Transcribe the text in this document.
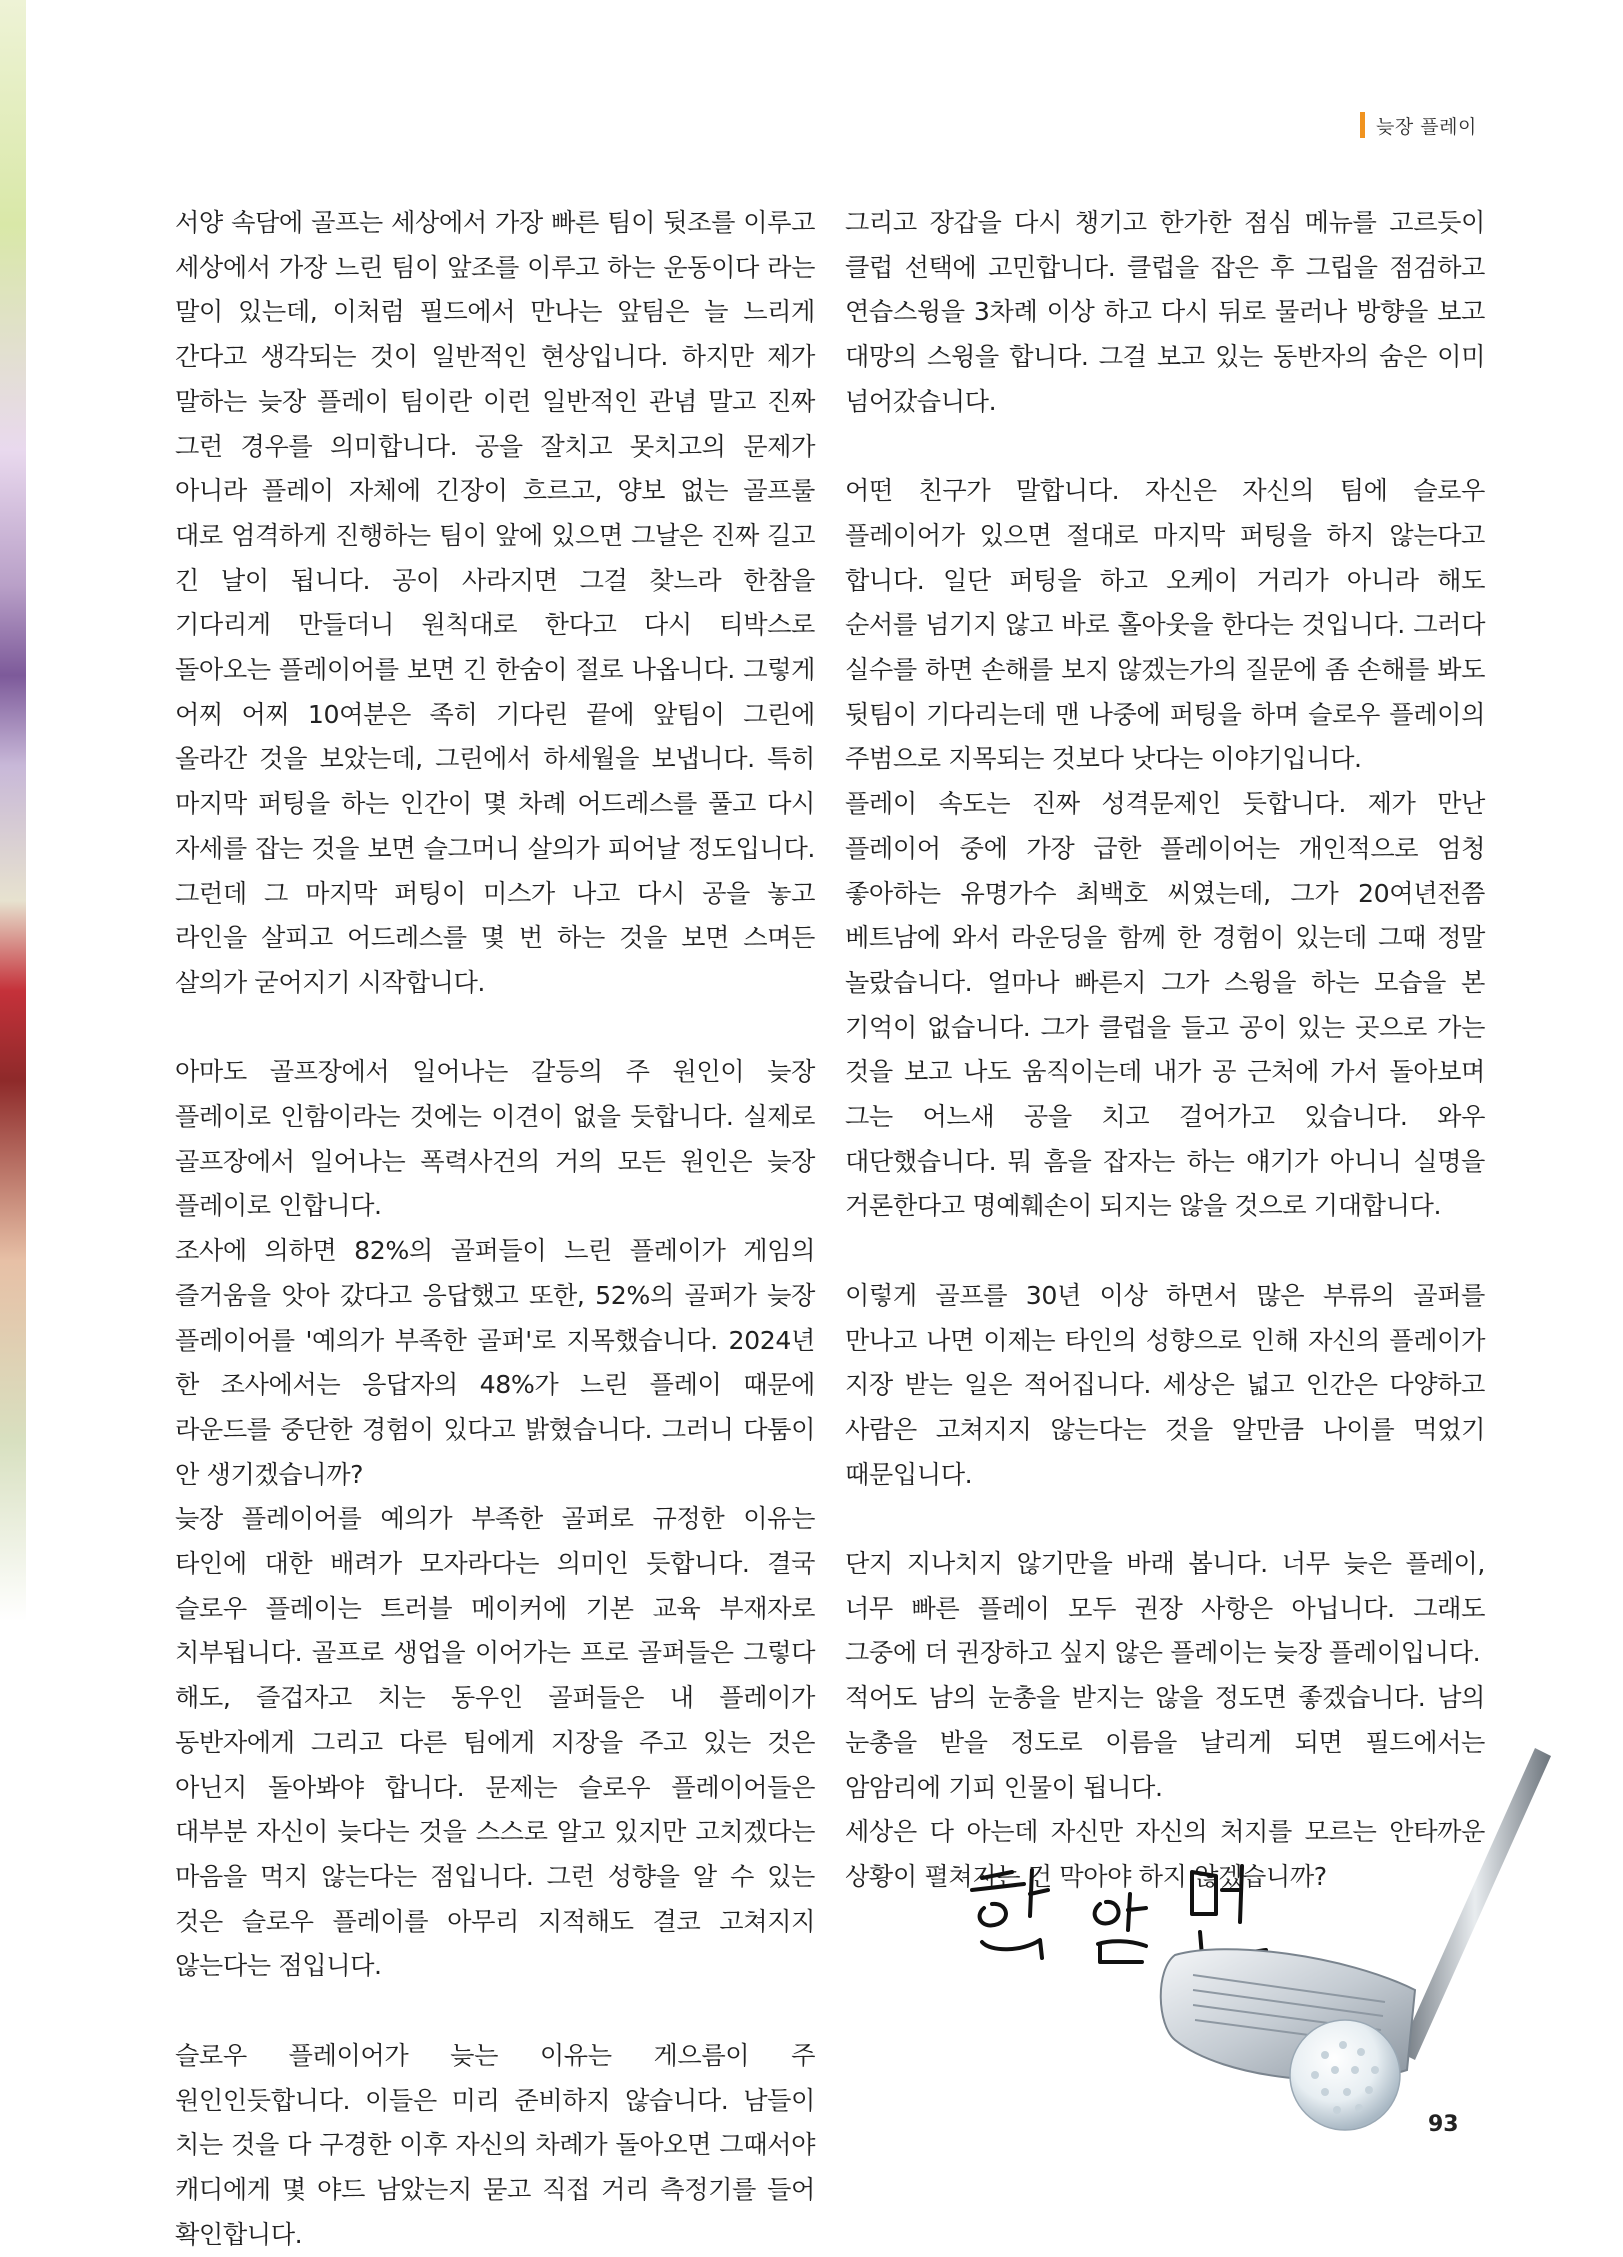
늦장 플레이

서양 속담에 골프는 세상에서 가장 빠른 팀이 뒷조를 이루고 세상에서 가장 느린 팀이 앞조를 이루고 하는 운동이다 라는 말이 있는데, 이처럼 필드에서 만나는 앞팀은 늘 느리게 간다고 생각되는 것이 일반적인 현상입니다. 하지만 제가 말하는 늦장 플레이 팀이란 이런 일반적인 관념 말고 진짜 그런 경우를 의미합니다. 공을 잘치고 못치고의 문제가 아니라 플레이 자체에 긴장이 흐르고, 양보 없는 골프룰 대로 엄격하게 진행하는 팀이 앞에 있으면 그날은 진짜 길고 긴 날이 됩니다. 공이 사라지면 그걸 찾느라 한참을 기다리게 만들더니 원칙대로 한다고 다시 티박스로 돌아오는 플레이어를 보면 긴 한숨이 절로 나옵니다. 그렇게 어찌 어찌 10여분은 족히 기다린 끝에 앞팀이 그린에 올라간 것을 보았는데, 그린에서 하세월을 보냅니다. 특히 마지막 퍼팅을 하는 인간이 몇 차례 어드레스를 풀고 다시 자세를 잡는 것을 보면 슬그머니 살의가 피어날 정도입니다. 그런데 그 마지막 퍼팅이 미스가 나고 다시 공을 놓고 라인을 살피고 어드레스를 몇 번 하는 것을 보면 스며든 살의가 굳어지기 시작합니다.

아마도 골프장에서 일어나는 갈등의 주 원인이 늦장 플레이로 인함이라는 것에는 이견이 없을 듯합니다. 실제로 골프장에서 일어나는 폭력사건의 거의 모든 원인은 늦장 플레이로 인합니다.

조사에 의하면 82%의 골퍼들이 느린 플레이가 게임의 즐거움을 앗아 갔다고 응답했고 또한, 52%의 골퍼가 늦장 플레이어를 '예의가 부족한 골퍼'로 지목했습니다. 2024년 한 조사에서는 응답자의 48%가 느린 플레이 때문에 라운드를 중단한 경험이 있다고 밝혔습니다. 그러니 다툼이 안 생기겠습니까?

늦장 플레이어를 예의가 부족한 골퍼로 규정한 이유는 타인에 대한 배려가 모자라다는 의미인 듯합니다. 결국 슬로우 플레이는 트러블 메이커에 기본 교육 부재자로 치부됩니다. 골프로 생업을 이어가는 프로 골퍼들은 그렇다 해도, 즐겁자고 치는 동우인 골퍼들은 내 플레이가 동반자에게 그리고 다른 팀에게 지장을 주고 있는 것은 아닌지 돌아봐야 합니다. 문제는 슬로우 플레이어들은 대부분 자신이 늦다는 것을 스스로 알고 있지만 고치겠다는 마음을 먹지 않는다는 점입니다. 그런 성향을 알 수 있는 것은 슬로우 플레이를 아무리 지적해도 결코 고쳐지지 않는다는 점입니다.

슬로우 플레이어가 늦는 이유는 게으름이 주 원인인듯합니다. 이들은 미리 준비하지 않습니다. 남들이 치는 것을 다 구경한 이후 자신의 차례가 돌아오면 그때서야 캐디에게 몇 야드 남았는지 묻고 직접 거리 측정기를 들어 확인합니다.

그리고 장갑을 다시 챙기고 한가한 점심 메뉴를 고르듯이 클럽 선택에 고민합니다. 클럽을 잡은 후 그립을 점검하고 연습스윙을 3차례 이상 하고 다시 뒤로 물러나 방향을 보고 대망의 스윙을 합니다. 그걸 보고 있는 동반자의 숨은 이미 넘어갔습니다.

어떤 친구가 말합니다. 자신은 자신의 팀에 슬로우 플레이어가 있으면 절대로 마지막 퍼팅을 하지 않는다고 합니다. 일단 퍼팅을 하고 오케이 거리가 아니라 해도 순서를 넘기지 않고 바로 홀아웃을 한다는 것입니다. 그러다 실수를 하면 손해를 보지 않겠는가의 질문에 좀 손해를 봐도 뒷팀이 기다리는데 맨 나중에 퍼팅을 하며 슬로우 플레이의 주범으로 지목되는 것보다 낫다는 이야기입니다.

플레이 속도는 진짜 성격문제인 듯합니다. 제가 만난 플레이어 중에 가장 급한 플레이어는 개인적으로 엄청 좋아하는 유명가수 최백호 씨였는데, 그가 20여년전쯤 베트남에 와서 라운딩을 함께 한 경험이 있는데 그때 정말 놀랐습니다. 얼마나 빠른지 그가 스윙을 하는 모습을 본 기억이 없습니다. 그가 클럽을 들고 공이 있는 곳으로 가는 것을 보고 나도 움직이는데 내가 공 근처에 가서 돌아보며 그는 어느새 공을 치고 걸어가고 있습니다. 와우 대단했습니다. 뭐 흠을 잡자는 하는 얘기가 아니니 실명을 거론한다고 명예훼손이 되지는 않을 것으로 기대합니다.

이렇게 골프를 30년 이상 하면서 많은 부류의 골퍼를 만나고 나면 이제는 타인의 성향으로 인해 자신의 플레이가 지장 받는 일은 적어집니다. 세상은 넓고 인간은 다양하고 사람은 고쳐지지 않는다는 것을 알만큼 나이를 먹었기 때문입니다.

단지 지나치지 않기만을 바래 봅니다. 너무 늦은 플레이, 너무 빠른 플레이 모두 권장 사항은 아닙니다. 그래도 그중에 더 권장하고 싶지 않은 플레이는 늦장 플레이입니다.

적어도 남의 눈총을 받지는 않을 정도면 좋겠습니다. 남의 눈총을 받을 정도로 이름을 날리게 되면 필드에서는 암암리에 기피 인물이 됩니다.

세상은 다 아는데 자신만 자신의 처지를 모르는 안타까운 상황이 펼쳐지는 건 막아야 하지 않겠습니까?

93
